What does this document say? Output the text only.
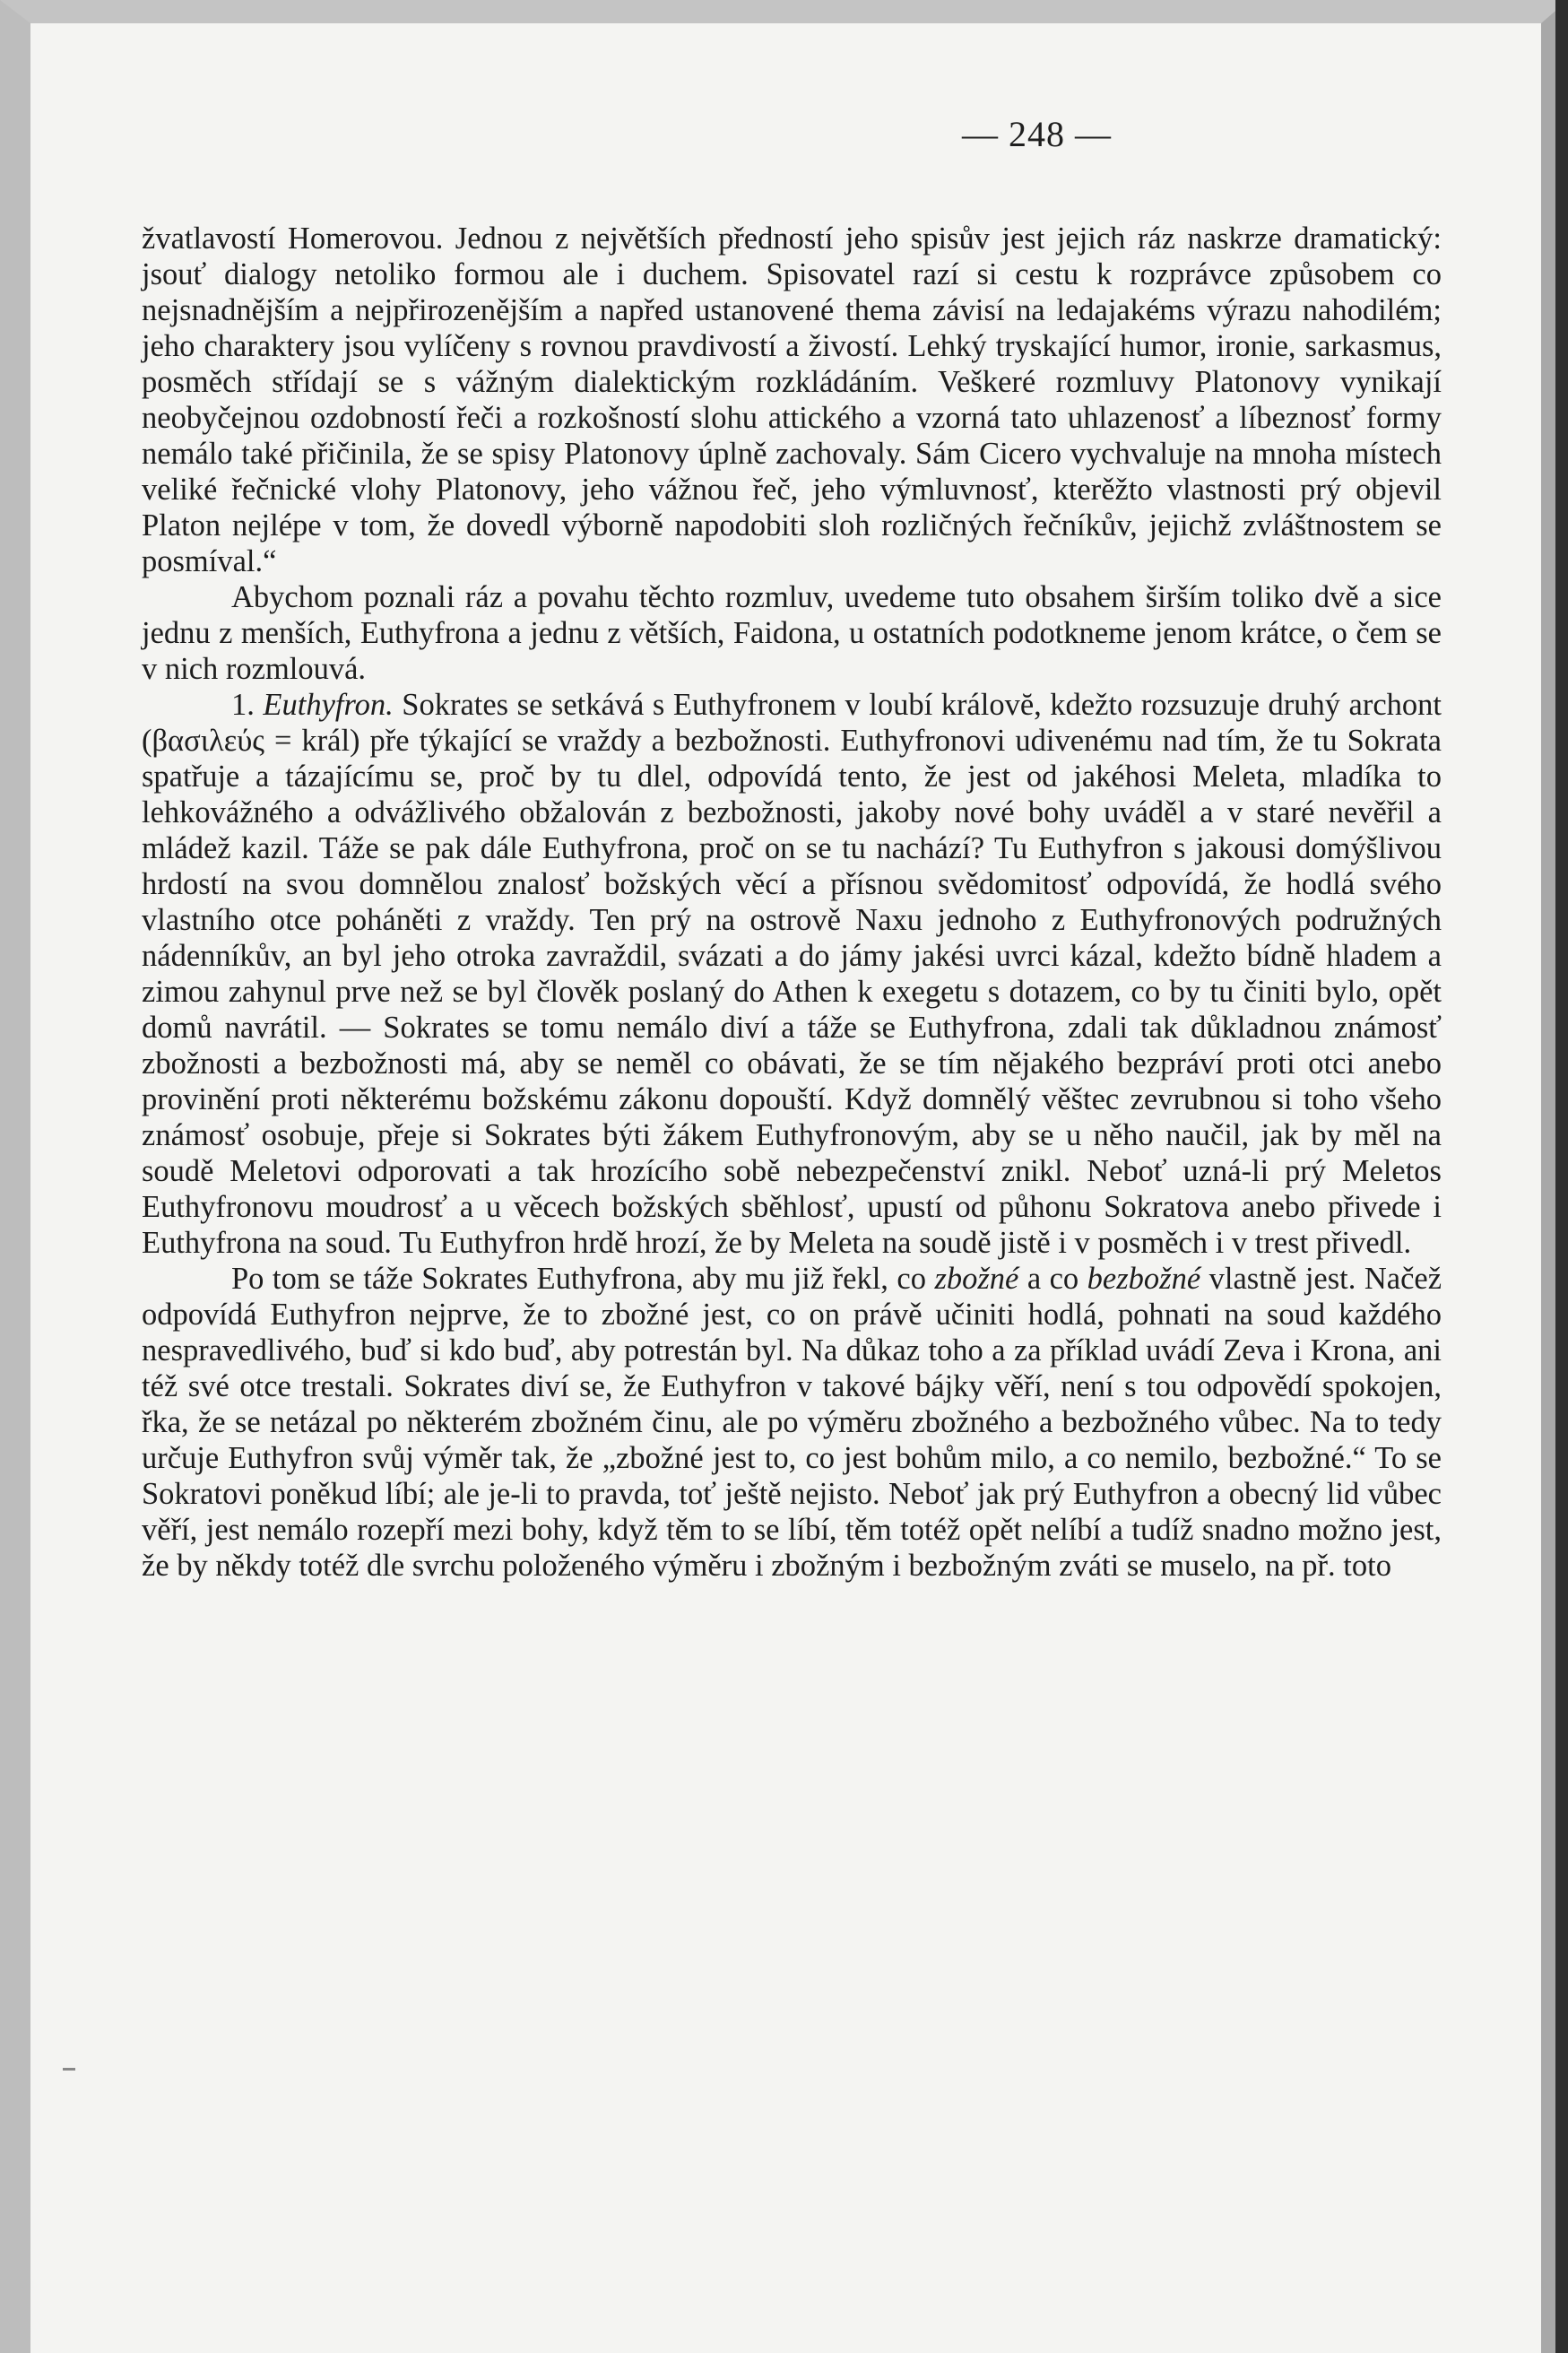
— 248 —

žvatlavostí Homerovou. Jednou z největších předností jeho spisův jest jejich ráz naskrze dramatický: jsouť dialogy netoliko formou ale i duchem. Spisovatel razí si cestu k rozprávce způsobem co nejsnadnějším a nejpřirozenějším a napřed ustanovené thema závisí na ledajakéms výrazu nahodilém; jeho charaktery jsou vylíčeny s rovnou pravdivostí a živostí. Lehký tryskající humor, ironie, sarkasmus, posměch střídají se s vážným dialektickým rozkládáním. Veškeré rozmluvy Platonovy vynikají neobyčejnou ozdobností řeči a rozkošností slohu attického a vzorná tato uhlazenosť a líbeznosť formy nemálo také přičinila, že se spisy Platonovy úplně zachovaly. Sám Cicero vychvaluje na mnoha místech veliké řečnické vlohy Platonovy, jeho vážnou řeč, jeho výmluvnosť, kterěžto vlastnosti prý objevil Platon nejlépe v tom, že dovedl výborně napodobiti sloh rozličných řečníkův, jejichž zvláštnostem se posmíval.“

Abychom poznali ráz a povahu těchto rozmluv, uvedeme tuto obsahem širším toliko dvě a sice jednu z menších, Euthyfrona a jednu z větších, Faidona, u ostatních podotkneme jenom krátce, o čem se v nich rozmlouvá.

1. Euthyfron. Sokrates se setkává s Euthyfronem v loubí královĕ, kdežto rozsuzuje druhý archont (βασιλεύς = král) pře týkající se vraždy a bezbožnosti. Euthyfronovi udivenému nad tím, že tu Sokrata spatřuje a tázajícímu se, proč by tu dlel, odpovídá tento, že jest od jakéhosi Meleta, mladíka to lehkovážného a odvážlivého obžalován z bezbožnosti, jakoby nové bohy uváděl a v staré nevěřil a mládež kazil. Táže se pak dále Euthyfrona, proč on se tu nachází? Tu Euthyfron s jakousi domýšlivou hrdostí na svou domnělou znalosť božských věcí a přísnou svědomitosť odpovídá, že hodlá svého vlastního otce poháněti z vraždy. Ten prý na ostrově Naxu jednoho z Euthyfronových podružných nádenníkův, an byl jeho otroka zavraždil, svázati a do jámy jakési uvrci kázal, kdežto bídně hladem a zimou zahynul prve než se byl člověk poslaný do Athen k exegetu s dotazem, co by tu činiti bylo, opět domů navrátil. — Sokrates se tomu nemálo diví a táže se Euthyfrona, zdali tak důkladnou známosť zbožnosti a bezbožnosti má, aby se neměl co obávati, že se tím nějakého bezpráví proti otci anebo provinění proti některému božskému zákonu dopouští. Když domnělý věštec zevrubnou si toho všeho známosť osobuje, přeje si Sokrates býti žákem Euthyfronovým, aby se u něho naučil, jak by měl na soudě Meletovi odporovati a tak hrozícího sobě nebezpečenství znikl. Neboť uzná-li prý Meletos Euthyfronovu moudrosť a u věcech božských sběhlosť, upustí od půhonu Sokratova anebo přivede i Euthyfrona na soud. Tu Euthyfron hrdě hrozí, že by Meleta na soudě jistě i v posměch i v trest přivedl.

Po tom se táže Sokrates Euthyfrona, aby mu již řekl, co zbožné a co bezbožné vlastně jest. Načež odpovídá Euthyfron nejprve, že to zbožné jest, co on právě učiniti hodlá, pohnati na soud každého nespravedlivého, buď si kdo buď, aby potrestán byl. Na důkaz toho a za příklad uvádí Zeva i Krona, ani též své otce trestali. Sokrates diví se, že Euthyfron v takové bájky věří, není s tou odpovědí spokojen, řka, že se netázal po některém zbožném činu, ale po výměru zbožného a bezbožného vůbec. Na to tedy určuje Euthyfron svůj výměr tak, že „zbožné jest to, co jest bohům milo, a co nemilo, bezbožné.“ To se Sokratovi poněkud líbí; ale je-li to pravda, toť ještě nejisto. Neboť jak prý Euthyfron a obecný lid vůbec věří, jest nemálo rozepří mezi bohy, když těm to se líbí, těm totéž opět nelíbí a tudíž snadno možno jest, že by někdy totéž dle svrchu položeného výměru i zbožným i bezbožným zváti se muselo, na př. toto
